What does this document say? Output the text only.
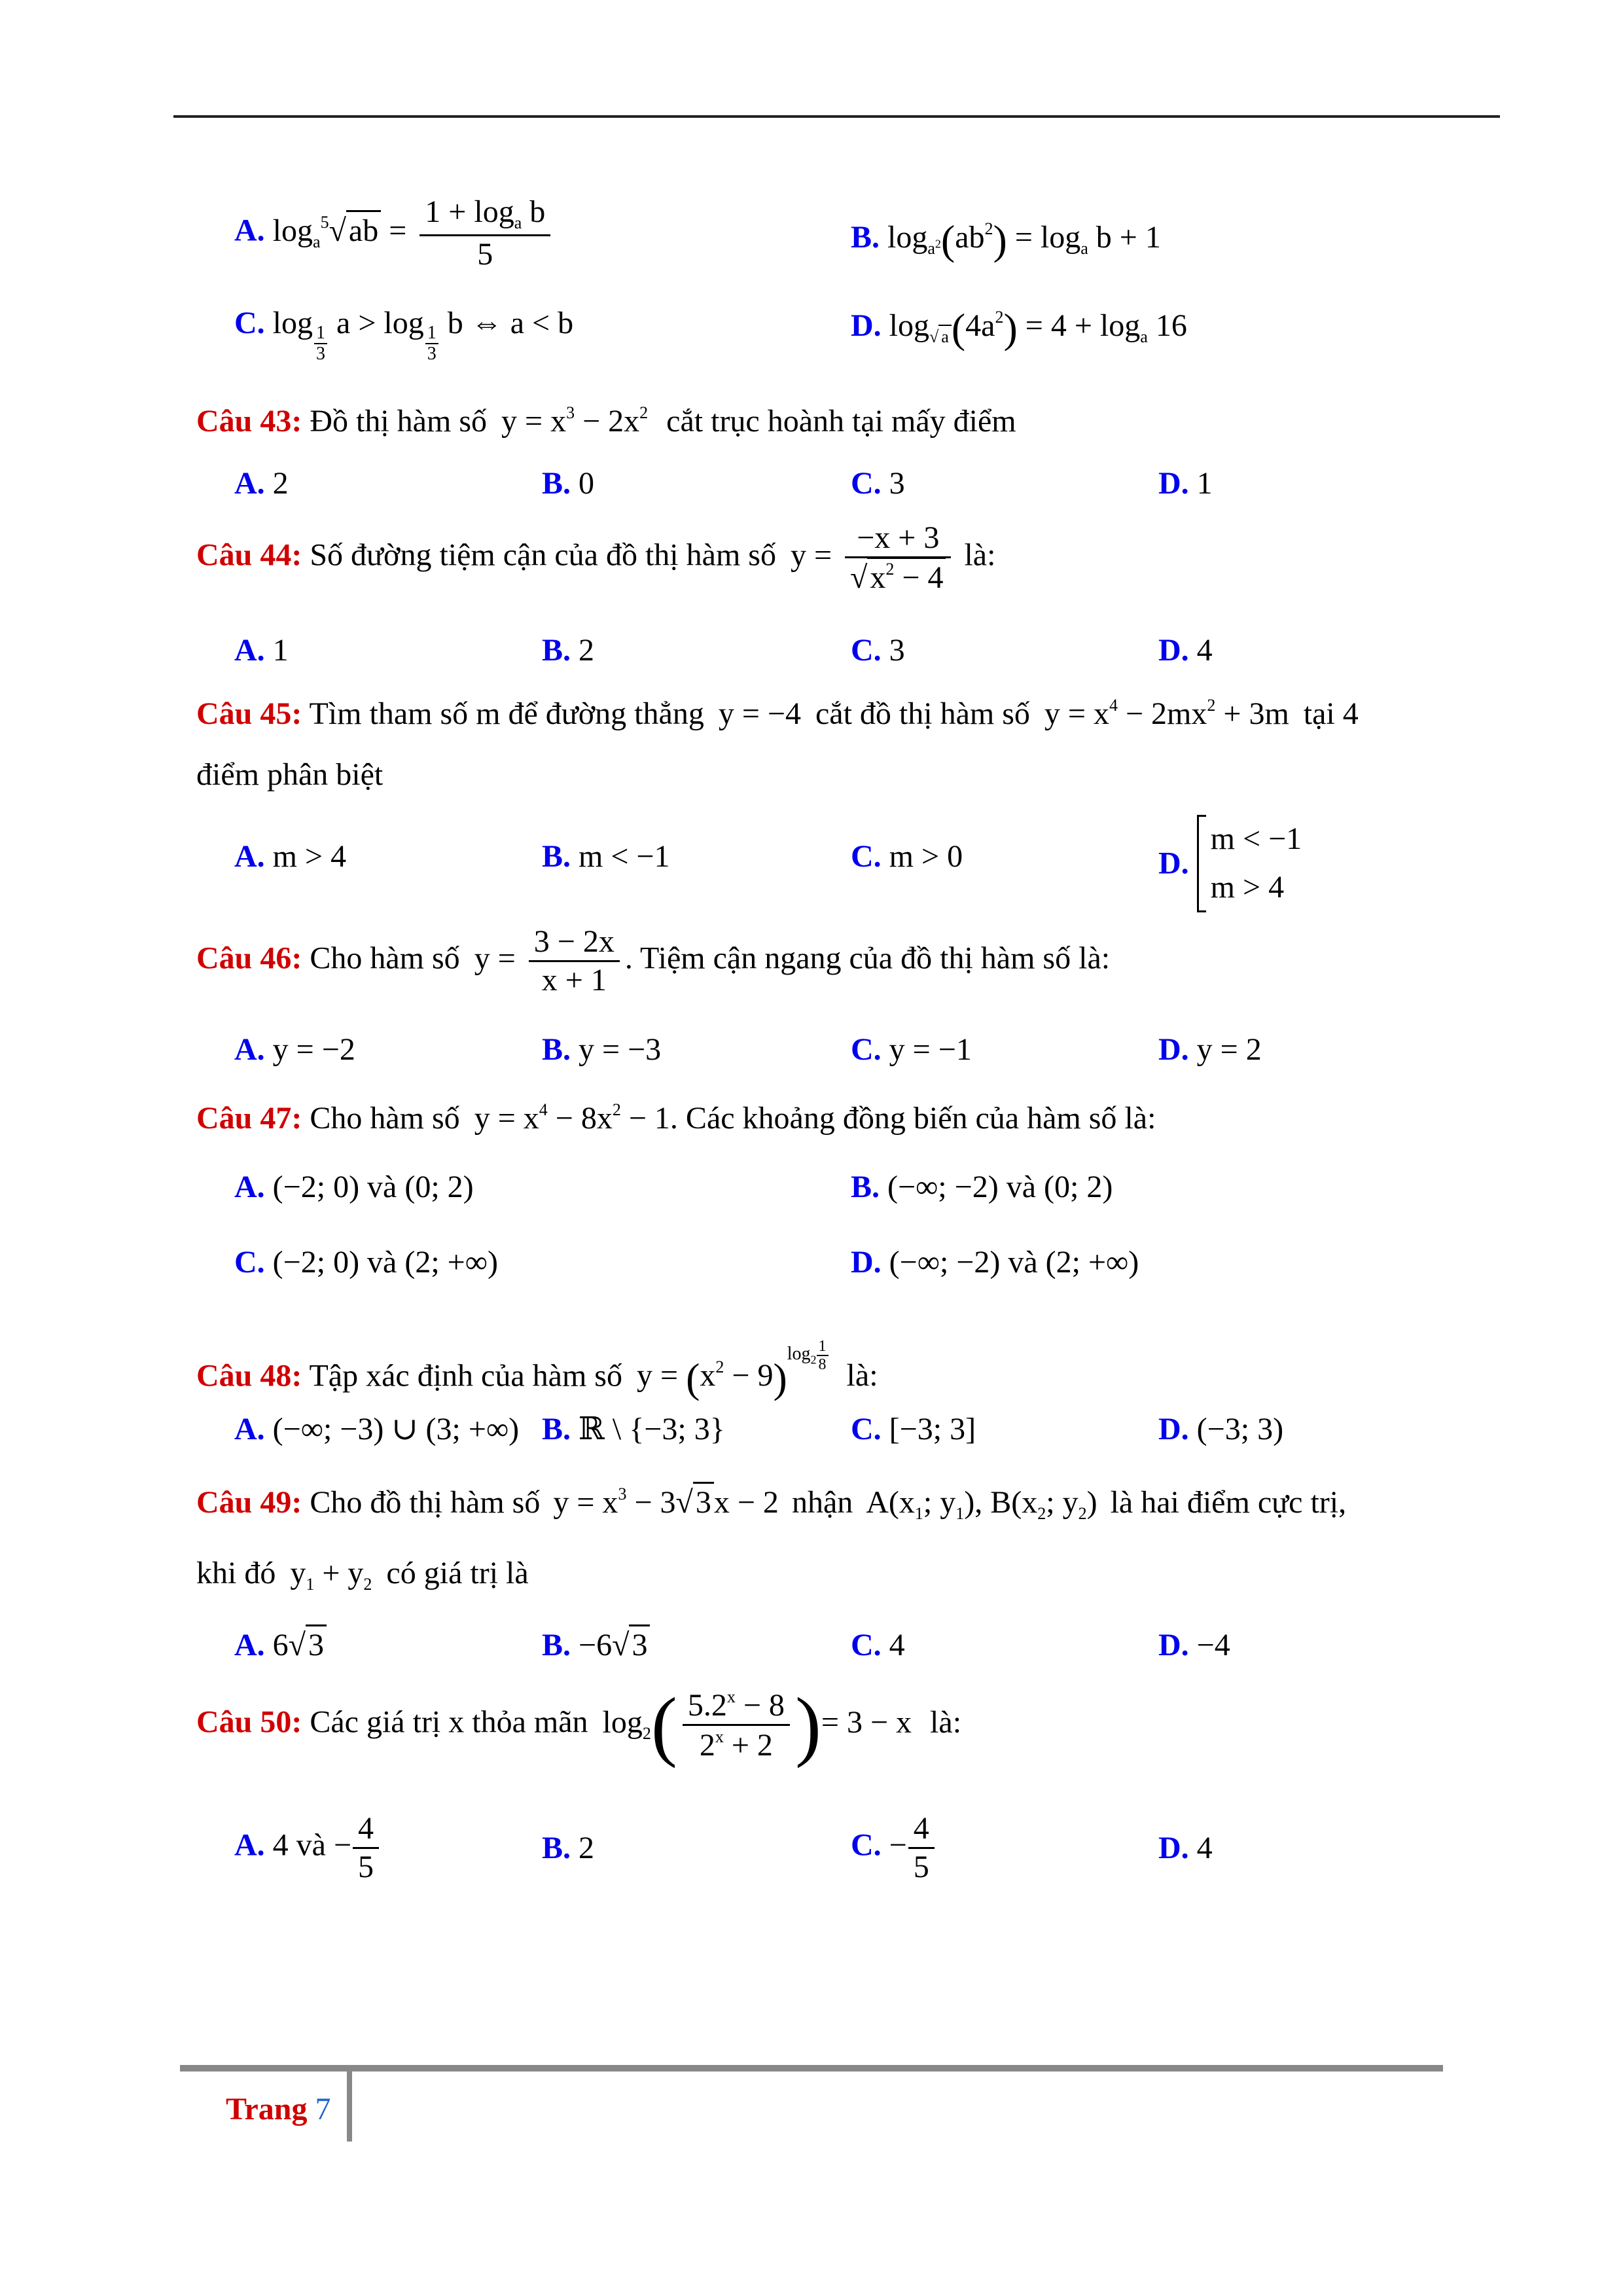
A. $\log_a^5√ab = \frac{1 + \log_a b}{5}$	B. $\log_{a^2}(ab^2) = \log_a b + 1$
C. log
$\frac{1}{3}$
a > log
$\frac{1}{3}$
b ⇔ a < b	D. $\log_{√ a}(4a^2) = 4 + \log_a 16$
Câu 43: Đồ thị hàm số $y = x^3 - 2x^2$ cắt trục hoành tại mấy điểm
A. 2	B. 0	C. 3	D. 1
Câu 44: Số đường tiệm cận của đồ thị hàm số $y = \frac{-x + 3}{√x^2 - 4}$ là:
A. 1	B. 2	C. 3	D. 4
Câu 45: Tìm tham số m để đường thẳng y = −4 cắt đồ thị hàm số $y = x^4 - 2mx^2 + 3m$ tại 4
điểm phân biệt
A. m > 4	B. m < −1	C. m > 0	D.
m < −1
m > 4
Câu 46: Cho hàm số $y = \frac{3 - 2x}{x + 1}$ . Tiệm cận ngang của đồ thị hàm số là:
A. y = −2	B. y = −3	C. y = −1	D. y = 2
Câu 47: Cho hàm số $y = x^4 - 8x^2 - 1$. Các khoảng đồng biến của hàm số là:
A. (−2; 0) và (0; 2)	B. (−∞; −2) và (0; 2)
C. (−2; 0) và (2; +∞)	D. (−∞; −2) và (2; +∞)
Câu 48: Tập xác định của hàm số $y = (x^2 - 9)^{log_2 \frac{1}{8}}$
là:
A. (−∞; −3) ∪ (3; +∞) B. ℝ \ {−3; 3}	C. [−3; 3]	D. (−3; 3)
Câu 49: Cho đồ thị hàm số $y = x^3 - 3√3x - 2$ nhận $A(x_1$; $y_1$), $B(x_2$; $y_2$) là hai điểm cực trị,
khi đó $y_1 + y_2$ có giá trị là
A. 6√3	B. −6√3	C. 4	D. −4
Câu 50: Các giá trị x thỏa mãn $\log_2( \frac{5.2^x - 8}{2^x + 2}$ )= 3 − x là:
A. 4 và − $\frac{4}{5}$	B. 2	C. − $\frac{4}{5}$	D. 4
Trang 7
